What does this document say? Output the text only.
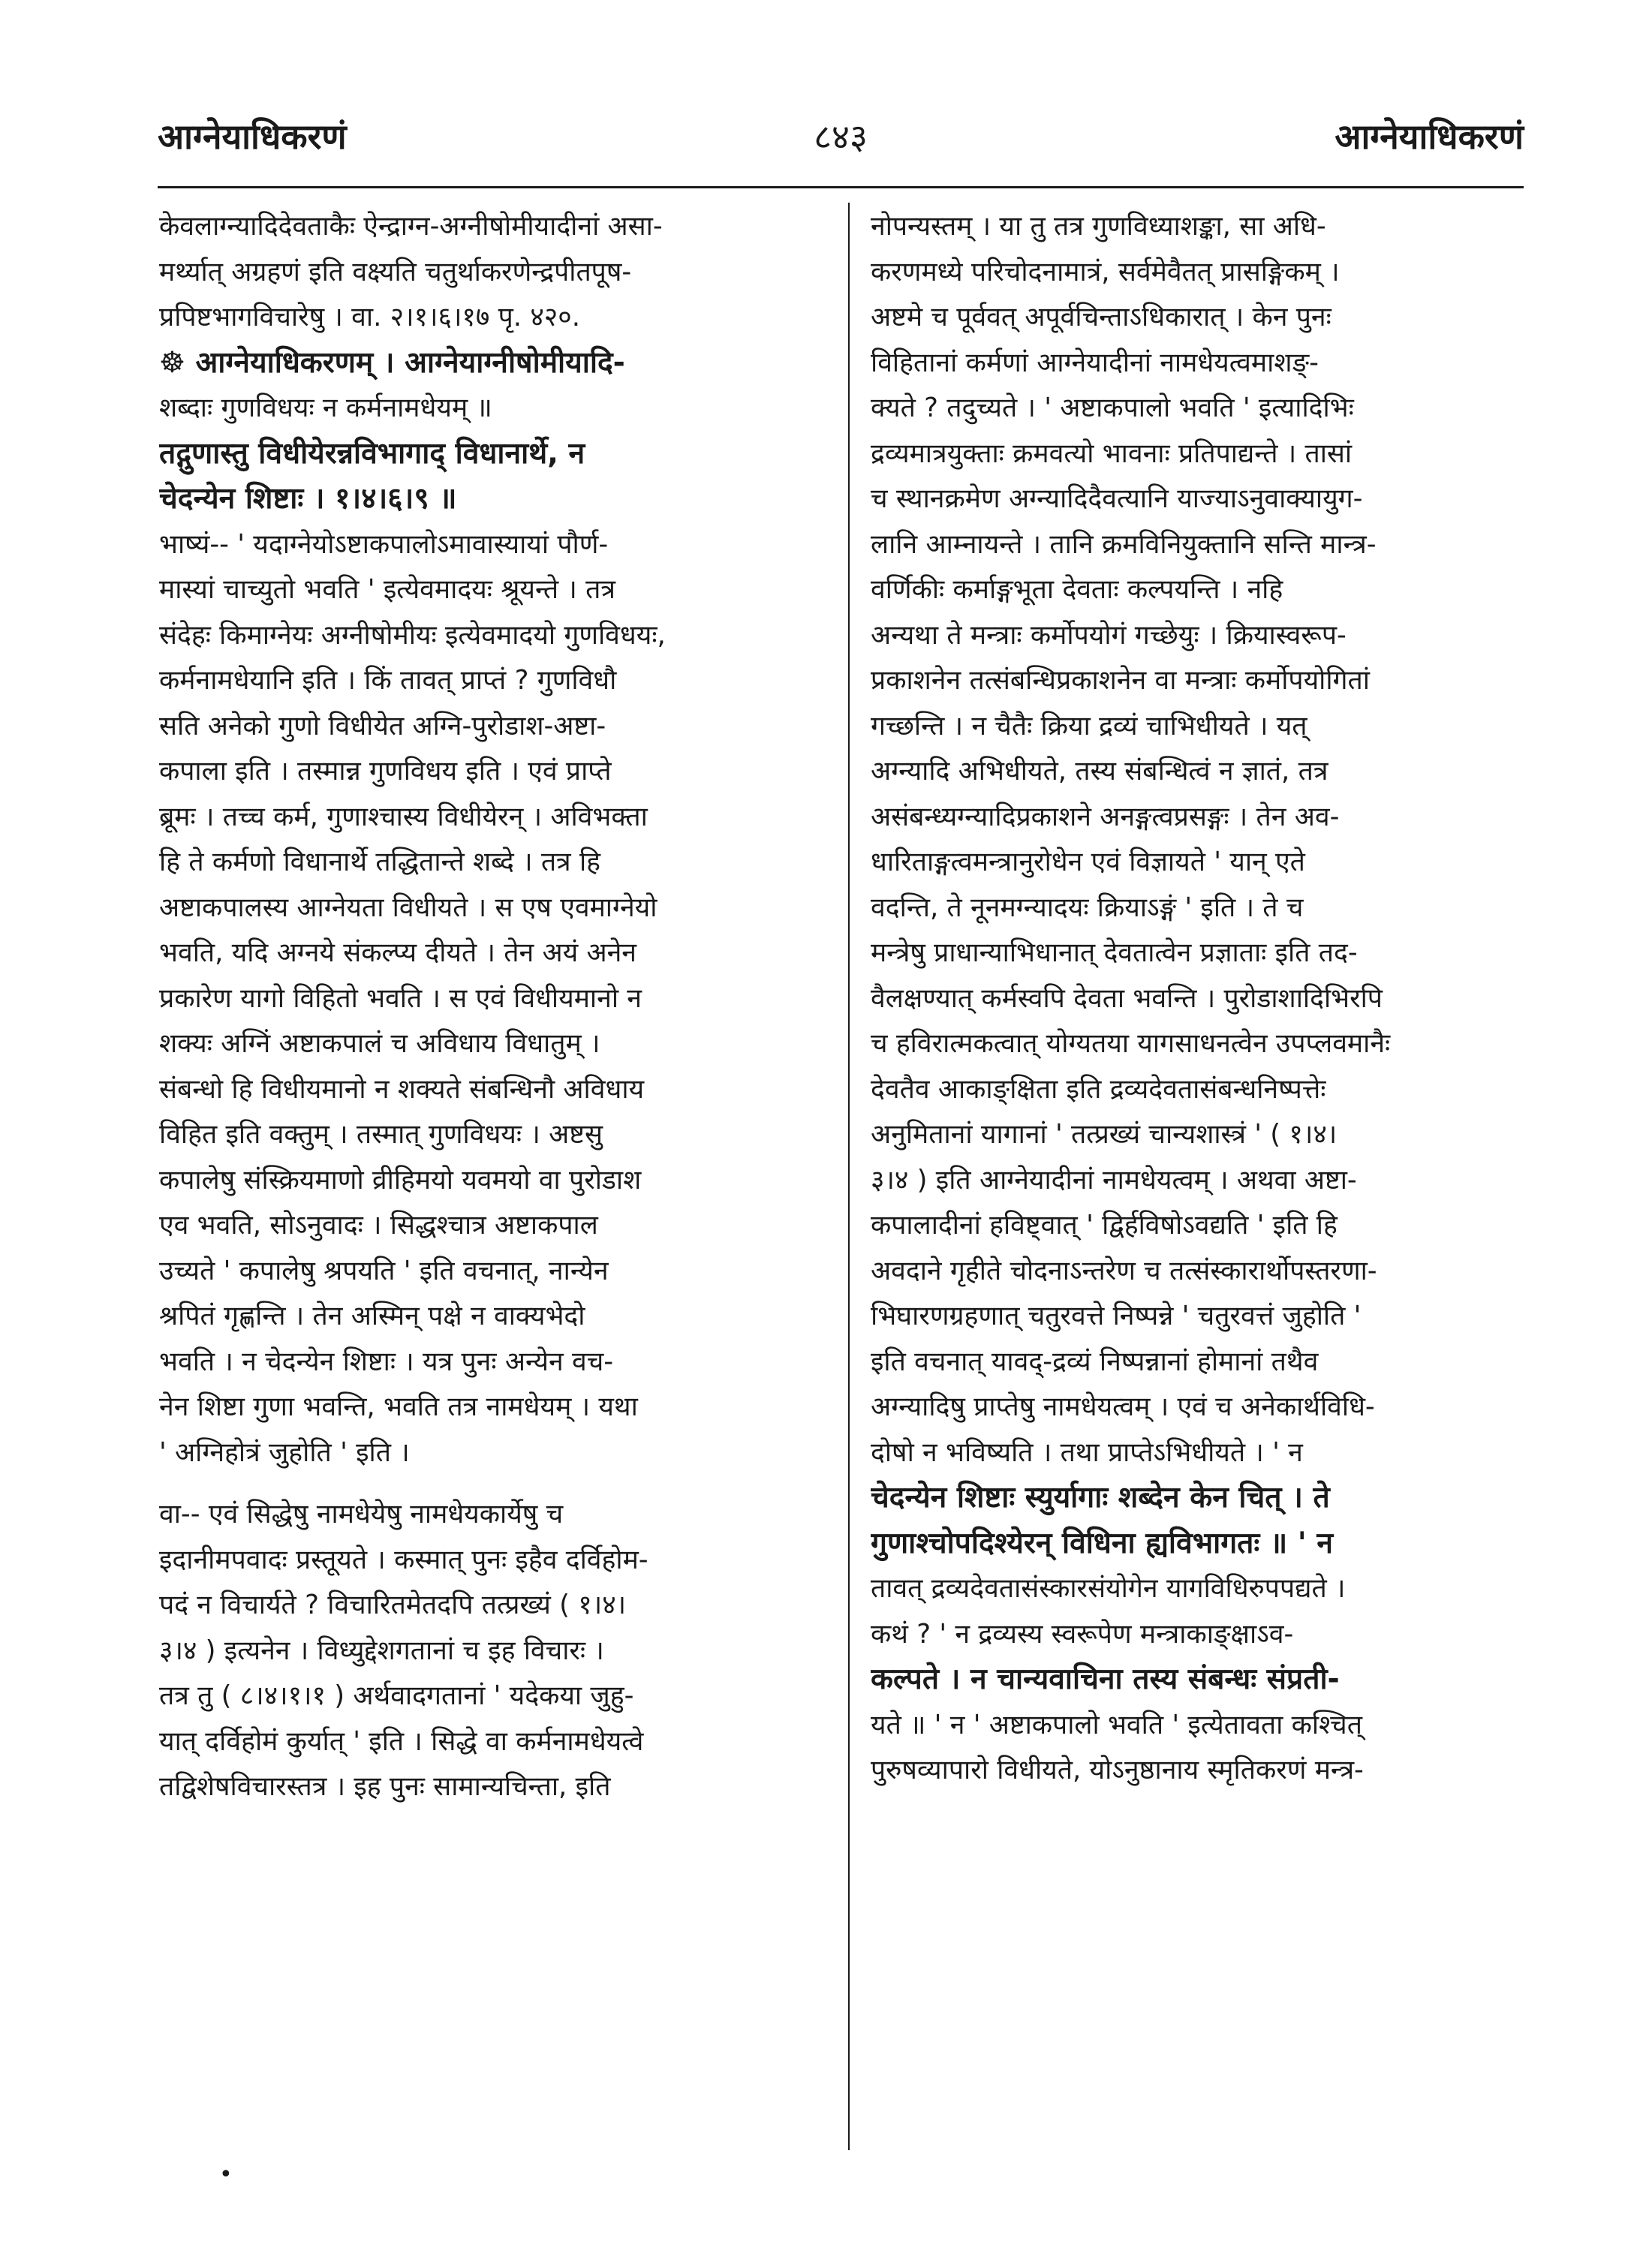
आग्नेयाधिकरणं	८४३	आग्नेयाधिकरणं
केवलाग्न्यादिदेवताकैः ऐन्द्राग्न-अग्नीषोमीयादीनां असा-
मर्थ्यात् अग्रहणं इति वक्ष्यति चतुर्थाकरणेन्द्रपीतपूष-
प्रपिष्टभागविचारेषु । वा. २।१।६।१७ पृ. ४२०.
☸ आग्नेयाधिकरणम् । आग्नेयाग्नीषोमीयादि-
शब्दाः गुणविधयः न कर्मनामधेयम् ॥
तद्गुणास्तु विधीयेरन्नविभागाद् विधानार्थे, न
चेदन्येन शिष्टाः । १।४।६।९ ॥
भाष्यं-- ' यदाग्नेयोऽष्टाकपालोऽमावास्यायां पौर्ण-
मास्यां चाच्युतो भवति ' इत्येवमादयः श्रूयन्ते । तत्र
संदेहः किमाग्नेयः अग्नीषोमीयः इत्येवमादयो गुणविधयः,
कर्मनामधेयानि इति । किं तावत् प्राप्तं ? गुणविधौ
सति अनेको गुणो विधीयेत अग्नि-पुरोडाश-अष्टा-
कपाला इति । तस्मान्न गुणविधय इति । एवं प्राप्ते
ब्रूमः । तच्च कर्म, गुणाश्चास्य विधीयेरन् । अविभक्ता
हि ते कर्मणो विधानार्थे तद्धितान्ते शब्दे । तत्र हि
अष्टाकपालस्य आग्नेयता विधीयते । स एष एवमाग्नेयो
भवति, यदि अग्नये संकल्प्य दीयते । तेन अयं अनेन
प्रकारेण यागो विहितो भवति । स एवं विधीयमानो न
शक्यः अग्निं अष्टाकपालं च अविधाय विधातुम् ।
संबन्धो हि विधीयमानो न शक्यते संबन्धिनौ अविधाय
विहित इति वक्तुम् । तस्मात् गुणविधयः । अष्टसु
कपालेषु संस्क्रियमाणो व्रीहिमयो यवमयो वा पुरोडाश
एव भवति, सोऽनुवादः । सिद्धश्चात्र अष्टाकपाल
उच्यते ' कपालेषु श्रपयति ' इति वचनात्, नान्येन
श्रपितं गृह्णन्ति । तेन अस्मिन् पक्षे न वाक्यभेदो
भवति । न चेदन्येन शिष्टाः । यत्र पुनः अन्येन वच-
नेन शिष्टा गुणा भवन्ति, भवति तत्र नामधेयम् । यथा
' अग्निहोत्रं जुहोति ' इति ।
वा-- एवं सिद्धेषु नामधेयेषु नामधेयकार्येषु च
इदानीमपवादः प्रस्तूयते । कस्मात् पुनः इहैव दर्विहोम-
पदं न विचार्यते ? विचारितमेतदपि तत्प्रख्यं ( १।४।
३।४ ) इत्यनेन । विध्युद्देशगतानां च इह विचारः ।
तत्र तु ( ८।४।१।१ ) अर्थवादगतानां ' यदेकया जुहु-
यात् दर्विहोमं कुर्यात् ' इति । सिद्धे वा कर्मनामधेयत्वे
तद्विशेषविचारस्तत्र । इह पुनः सामान्यचिन्ता, इति
नोपन्यस्तम् । या तु तत्र गुणविध्याशङ्का, सा अधि-
करणमध्ये परिचोदनामात्रं, सर्वमेवैतत् प्रासङ्गिकम् ।
अष्टमे च पूर्ववत् अपूर्वचिन्ताऽधिकारात् । केन पुनः
विहितानां कर्मणां आग्नेयादीनां नामधेयत्वमाशङ्-
क्यते ? तदुच्यते । ' अष्टाकपालो भवति ' इत्यादिभिः
द्रव्यमात्रयुक्ताः क्रमवत्यो भावनाः प्रतिपाद्यन्ते । तासां
च स्थानक्रमेण अग्न्यादिदैवत्यानि याज्याऽनुवाक्यायुग-
लानि आम्नायन्ते । तानि क्रमविनियुक्तानि सन्ति मान्त्र-
वर्णिकीः कर्माङ्गभूता देवताः कल्पयन्ति । नहि
अन्यथा ते मन्त्राः कर्मोपयोगं गच्छेयुः । क्रियास्वरूप-
प्रकाशनेन तत्संबन्धिप्रकाशनेन वा मन्त्राः कर्मोपयोगितां
गच्छन्ति । न चैतैः क्रिया द्रव्यं चाभिधीयते । यत्
अग्न्यादि अभिधीयते, तस्य संबन्धित्वं न ज्ञातं, तत्र
असंबन्ध्यग्न्यादिप्रकाशने अनङ्गत्वप्रसङ्गः । तेन अव-
धारिताङ्गत्वमन्त्रानुरोधेन एवं विज्ञायते ' यान् एते
वदन्ति, ते नूनमग्न्यादयः क्रियाऽङ्गं ' इति । ते च
मन्त्रेषु प्राधान्याभिधानात् देवतात्वेन प्रज्ञाताः इति तद-
वैलक्षण्यात् कर्मस्वपि देवता भवन्ति । पुरोडाशादिभिरपि
च हविरात्मकत्वात् योग्यतया यागसाधनत्वेन उपप्लवमानैः
देवतैव आकाङ्क्षिता इति द्रव्यदेवतासंबन्धनिष्पत्तेः
अनुमितानां यागानां ' तत्प्रख्यं चान्यशास्त्रं ' ( १।४।
३।४ ) इति आग्नेयादीनां नामधेयत्वम् । अथवा अष्टा-
कपालादीनां हविष्ट्वात् ' द्विर्हविषोऽवद्यति ' इति हि
अवदाने गृहीते चोदनाऽन्तरेण च तत्संस्कारार्थोपस्तरणा-
भिघारणग्रहणात् चतुरवत्ते निष्पन्ने ' चतुरवत्तं जुहोति '
इति वचनात् यावद्-द्रव्यं निष्पन्नानां होमानां तथैव
अग्न्यादिषु प्राप्तेषु नामधेयत्वम् । एवं च अनेकार्थविधि-
दोषो न भविष्यति । तथा प्राप्तेऽभिधीयते । ' न
चेदन्येन शिष्टाः स्युर्यागाः शब्देन केन चित् । ते
गुणाश्चोपदिश्येरन् विधिना ह्यविभागतः ॥ ' न
तावत् द्रव्यदेवतासंस्कारसंयोगेन यागविधिरुपपद्यते ।
कथं ? ' न द्रव्यस्य स्वरूपेण मन्त्राकाङ्क्षाऽव-
कल्पते । न चान्यवाचिना तस्य संबन्धः संप्रती-
यते ॥ ' न ' अष्टाकपालो भवति ' इत्येतावता कश्चित्
पुरुषव्यापारो विधीयते, योऽनुष्ठानाय स्मृतिकरणं मन्त्र-
•
